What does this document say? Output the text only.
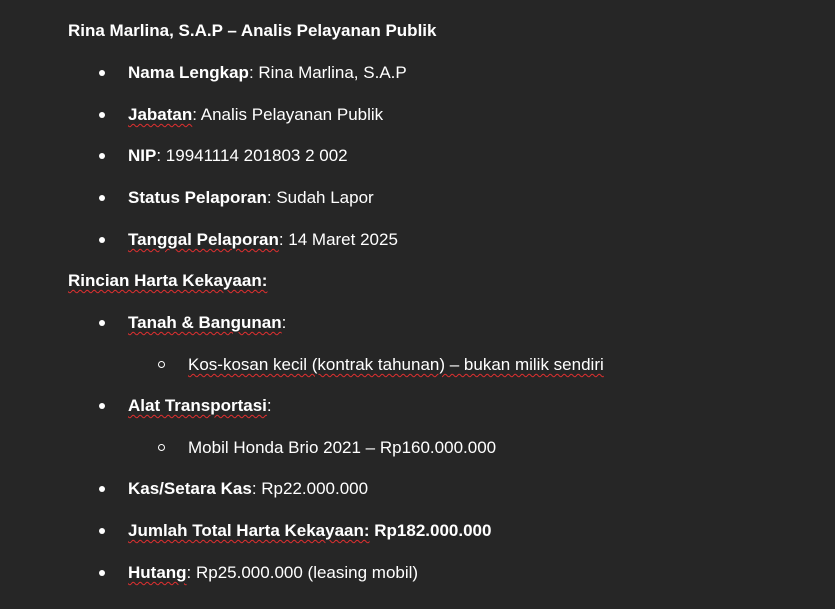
Rina Marlina, S.A.P – Analis Pelayanan Publik
Nama Lengkap: Rina Marlina, S.A.P
Jabatan: Analis Pelayanan Publik
NIP: 19941114 201803 2 002
Status Pelaporan: Sudah Lapor
Tanggal Pelaporan: 14 Maret 2025
Rincian Harta Kekayaan:
Tanah & Bangunan:
Kos-kosan kecil (kontrak tahunan) – bukan milik sendiri
Alat Transportasi:
Mobil Honda Brio 2021 – Rp160.000.000
Kas/Setara Kas: Rp22.000.000
Jumlah Total Harta Kekayaan: Rp182.000.000
Hutang: Rp25.000.000 (leasing mobil)
